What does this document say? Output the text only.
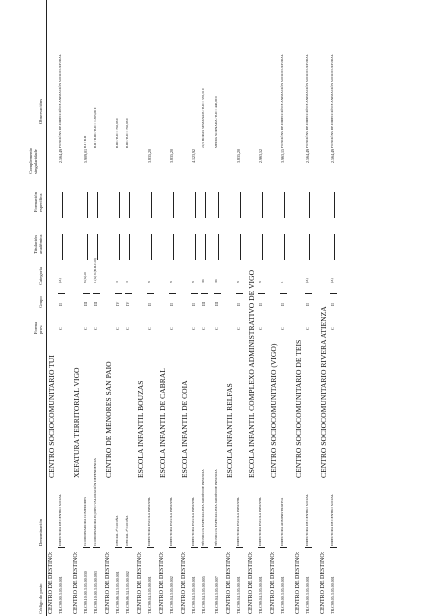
Código do posto
Denominación
Forma prov.
Grupo
Categoría
Titulación académica
Formación específica
Complemento singularidade
Observacións
CENTRO DE DESTINO:
CENTRO SOCIOCOMUNITARIO TUI
TR.C99.00.3.05.00.001
DIRECTORA DE CENTRO SOCIAL
C
II
(A)
2.564,49
FUNCIÓNS DE DIRECCIÓN E ANIMACIÓN SOCIOCULTURAL
CENTRO DE DESTINO:
XEFATURA TERRITORIAL VIGO
TR.C99.10.00.3.05.00.030
COORDINADORA COMEDORES
C
III
6 (A)-II
5.909,01
B.I / B.II
TR.C99.10.00.3.05.00.093
COORDINADORA EQUIPO VALORACIÓN DEPENDENCIA
C
III
1 (A) 6 (B.II-C.II)
B.II / B.III / B.II = 1.365,06 €
CENTRO DE DESTINO:
CENTRO DE MENORES SAN PAIO
TR.C99.06.34.3.05.00.001
OFICIAL 2ª COCIÑA
C
IV
3
B.III / B.II = 702,06 €
TR.C99.06.34.3.05.00.002
OFICIAL 2ª COCIÑA
C
IV
3
B.III / B.II = 702,06 €
CENTRO DE DESTINO:
ESCOLA INFANTIL BOUZAS
TR.C99.04.3.05.00.001
DIRECTORA ESCOLA INFANTIL
C
II
8
3.835,20
CENTRO DE DESTINO:
ESCOLA INFANTIL DE CABRAL
TR.C99.04.3.05.00.002
DIRECTORA ESCOLA INFANTIL
C
II
8
3.835,20
CENTRO DE DESTINO:
ESCOLA INFANTIL DE COIA
TR.C99.04.3.05.00.001
DIRECTORA ESCOLA INFANTIL
C
II
8
4.123,92
TR.C99.04.3.05.00.005
TÉCNICO/A ESPECIALISTA JARDÍN DE INFANCIA
C
III
30
22,5 HORAS SEMANAIS / B.II = 535,31 €
TR.C99.04.3.05.00.007
TÉCNICO/A ESPECIALISTA JARDÍN DE INFANCIA
C
III
30
MEDIA XORNADA / B.II = 446,09 €
CENTRO DE DESTINO:
ESCOLA INFANTIL RELFAS
TR.C99.04.3.05.00.001
DIRECTORA ESCOLA INFANTIL
C
II
8
3.835,20
CENTRO DE DESTINO:
ESCOLA INFANTIL COMPLEXO ADMINISTRATIVO DE VIGO
TR.C99.04.3.05.00.001
DIRECTORA ESCOLA INFANTIL
C
II
8
2.963,52
CENTRO DE DESTINO:
CENTRO SOCIOCOMUNITARIO (VIGO)
TR.C99.00.3.05.00.001
DIRECTORA ADMINISTRATIVA
C
II
1
3.963,15
FUNCIÓNS DE DIRECCIÓN E ANIMACIÓN SOCIOCULTURAL
CENTRO DE DESTINO:
CENTRO SOCIOCOMUNITARIO DE TEIS
TR.C99.00.3.05.00.001
DIRECTORA DE CENTRO SOCIAL
C
II
(A)
2.564,49
FUNCIÓNS DE DIRECCIÓN E ANIMACIÓN SOCIOCULTURAL
CENTRO DE DESTINO:
CENTRO SOCIOCOMUNITARIO RIVERA ATIENZA
TR.C99.05.3.05.00.001
DIRECTORA DE CENTRO SOCIAL
C
II
(A)
2.564,49
FUNCIÓNS DE DIRECCIÓN E ANIMACIÓN SOCIOCULTURAL
